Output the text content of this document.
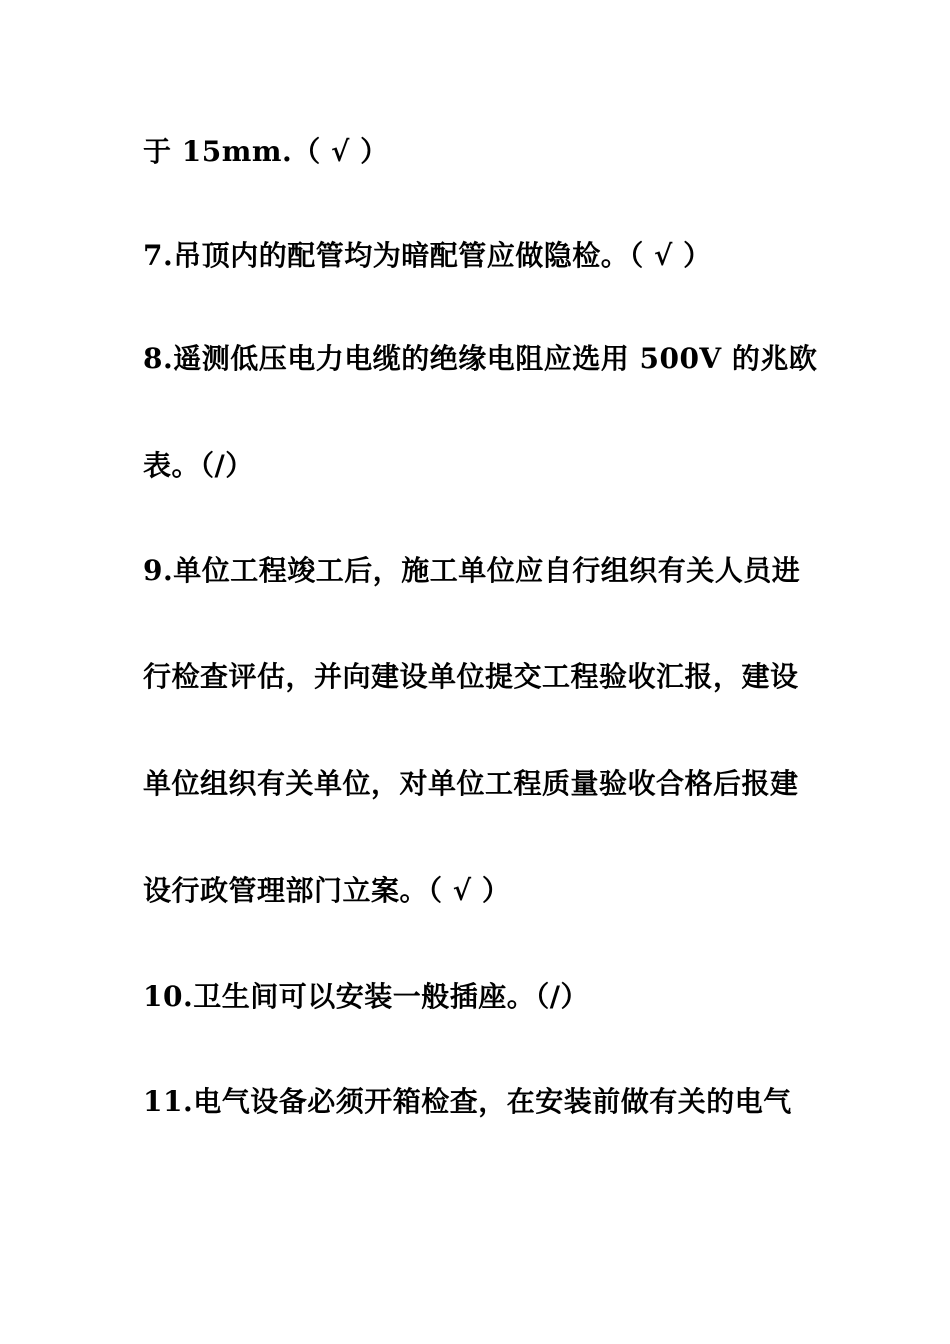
于 15mm.（ √ ）
7.吊顶内的配管均为暗配管应做隐检。（ √ ）
8.遥测低压电力电缆的绝缘电阻应选用 500V 的兆欧
表。（/）
9.单位工程竣工后，施工单位应自行组织有关人员进
行检查评估，并向建设单位提交工程验收汇报，建设
单位组织有关单位，对单位工程质量验收合格后报建
设行政管理部门立案。（ √ ）
10.卫生间可以安装一般插座。（/）
11.电气设备必须开箱检查，在安装前做有关的电气
